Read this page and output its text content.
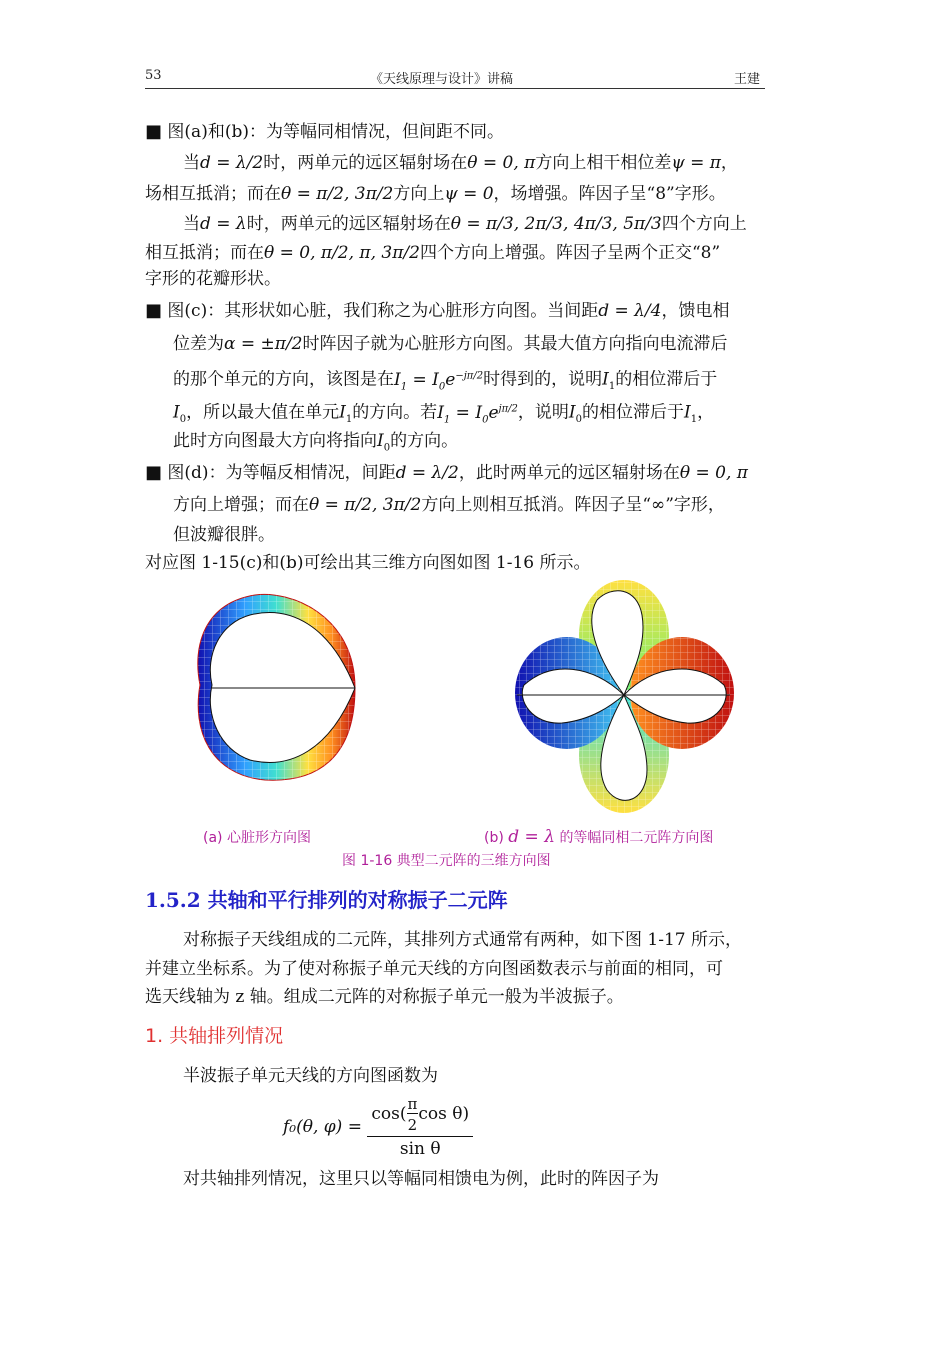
53	《天线原理与设计》讲稿	王建
■ 图(a)和(b)：为等幅同相情况，但间距不同。
当d = λ/2时，两单元的远区辐射场在θ = 0, π方向上相干相位差ψ = π，
场相互抵消；而在θ = π/2, 3π/2方向上ψ = 0，场增强。阵因子呈“8”字形。
当d = λ时，两单元的远区辐射场在θ = π/3, 2π/3, 4π/3, 5π/3四个方向上
相互抵消；而在θ = 0, π/2, π, 3π/2四个方向上增强。阵因子呈两个正交“8”
字形的花瓣形状。
■ 图(c)：其形状如心脏，我们称之为心脏形方向图。当间距d = λ/4，馈电相
位差为α = ±π/2时阵因子就为心脏形方向图。其最大值方向指向电流滞后
的那个单元的方向，该图是在$I_1 = I_0e^{-j\pi/2}$时得到的，说明$I_1$的相位滞后于
$I_0$，所以最大值在单元$I_1$的方向。若$I_1 = I_0e^{j\pi/2}$，说明$I_0$的相位滞后于$I_1$，
此时方向图最大方向将指向$I_0$的方向。
■ 图(d)：为等幅反相情况，间距d = λ/2，此时两单元的远区辐射场在θ = 0, π
方向上增强；而在θ = π/2, 3π/2方向上则相互抵消。阵因子呈“∞”字形，
但波瓣很胖。
对应图 1-15(c)和(b)可绘出其三维方向图如图 1-16 所示。
(a) 心脏形方向图	(b) d = λ 的等幅同相二元阵方向图
图 1-16 典型二元阵的三维方向图
1.5.2 共轴和平行排列的对称振子二元阵
对称振子天线组成的二元阵，其排列方式通常有两种，如下图 1-17 所示，
并建立坐标系。为了使对称振子单元天线的方向图函数表示与前面的相同，可
选天线轴为 z 轴。组成二元阵的对称振子单元一般为半波振子。
1. 共轴排列情况
半波振子单元天线的方向图函数为
f₀(θ, $\varphi) = \frac{\cos( \frac{\pi}{2} \cos \theta)}{\text{sin θ}}$
对共轴排列情况，这里只以等幅同相馈电为例，此时的阵因子为
